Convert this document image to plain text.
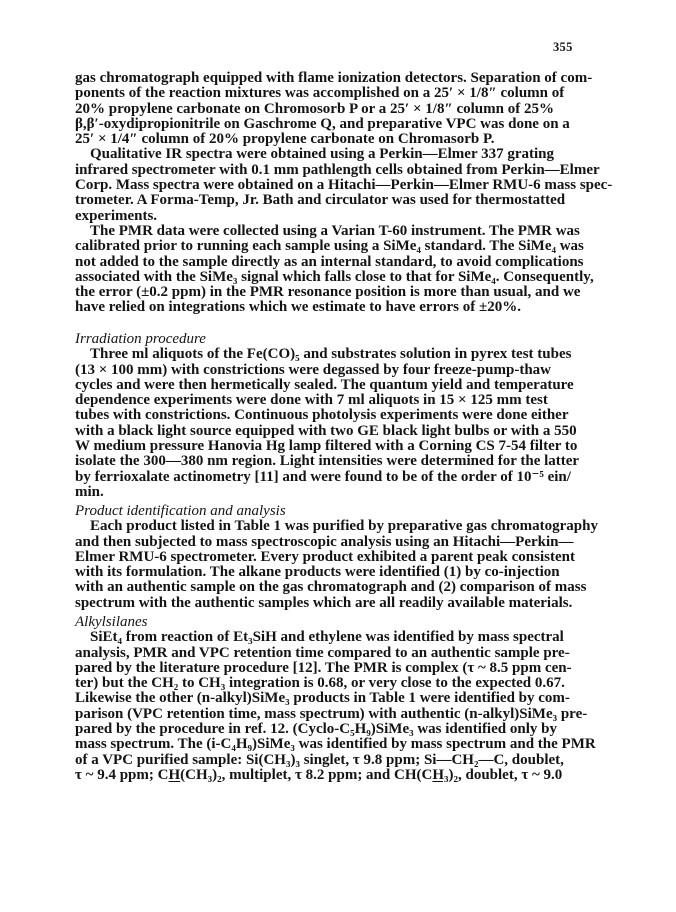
355
gas chromatograph equipped with flame ionization detectors. Separation of com-
ponents of the reaction mixtures was accomplished on a 25′ × 1/8″ column of
20% propylene carbonate on Chromosorb P or a 25′ × 1/8″ column of 25%
β,β′-oxydipropionitrile on Gaschrome Q, and preparative VPC was done on a
25′ × 1/4″ column of 20% propylene carbonate on Chromasorb P.
Qualitative IR spectra were obtained using a Perkin—Elmer 337 grating
infrared spectrometer with 0.1 mm pathlength cells obtained from Perkin—Elmer
Corp. Mass spectra were obtained on a Hitachi—Perkin—Elmer RMU-6 mass spec-
trometer. A Forma-Temp, Jr. Bath and circulator was used for thermostatted
experiments.
The PMR data were collected using a Varian T-60 instrument. The PMR was
calibrated prior to running each sample using a SiMe₄ standard. The SiMe₄ was
not added to the sample directly as an internal standard, to avoid complications
associated with the SiMe₃ signal which falls close to that for SiMe₄. Consequently,
the error (±0.2 ppm) in the PMR resonance position is more than usual, and we
have relied on integrations which we estimate to have errors of ±20%.
Irradiation procedure
Three ml aliquots of the Fe(CO)₅ and substrates solution in pyrex test tubes
(13 × 100 mm) with constrictions were degassed by four freeze-pump-thaw
cycles and were then hermetically sealed. The quantum yield and temperature
dependence experiments were done with 7 ml aliquots in 15 × 125 mm test
tubes with constrictions. Continuous photolysis experiments were done either
with a black light source equipped with two GE black light bulbs or with a 550
W medium pressure Hanovia Hg lamp filtered with a Corning CS 7-54 filter to
isolate the 300—380 nm region. Light intensities were determined for the latter
by ferrioxalate actinometry [11] and were found to be of the order of 10⁻⁵ ein/
min.
Product identification and analysis
Each product listed in Table 1 was purified by preparative gas chromatography
and then subjected to mass spectroscopic analysis using an Hitachi—Perkin—
Elmer RMU-6 spectrometer. Every product exhibited a parent peak consistent
with its formulation. The alkane products were identified (1) by co-injection
with an authentic sample on the gas chromatograph and (2) comparison of mass
spectrum with the authentic samples which are all readily available materials.
Alkylsilanes
SiEt₄ from reaction of Et₃SiH and ethylene was identified by mass spectral
analysis, PMR and VPC retention time compared to an authentic sample pre-
pared by the literature procedure [12]. The PMR is complex (τ ~ 8.5 ppm cen-
ter) but the CH₂ to CH₃ integration is 0.68, or very close to the expected 0.67.
Likewise the other (n-alkyl)SiMe₃ products in Table 1 were identified by com-
parison (VPC retention time, mass spectrum) with authentic (n-alkyl)SiMe₃ pre-
pared by the procedure in ref. 12. (Cyclo-C₅H₉)SiMe₃ was identified only by
mass spectrum. The (i-C₄H₉)SiMe₃ was identified by mass spectrum and the PMR
of a VPC purified sample: Si(CH₃)₃ singlet, τ 9.8 ppm; Si—CH₂—C, doublet,
τ ~ 9.4 ppm; CH(CH₃)₂, multiplet, τ 8.2 ppm; and CH(CH₃)₂, doublet, τ ~ 9.0
